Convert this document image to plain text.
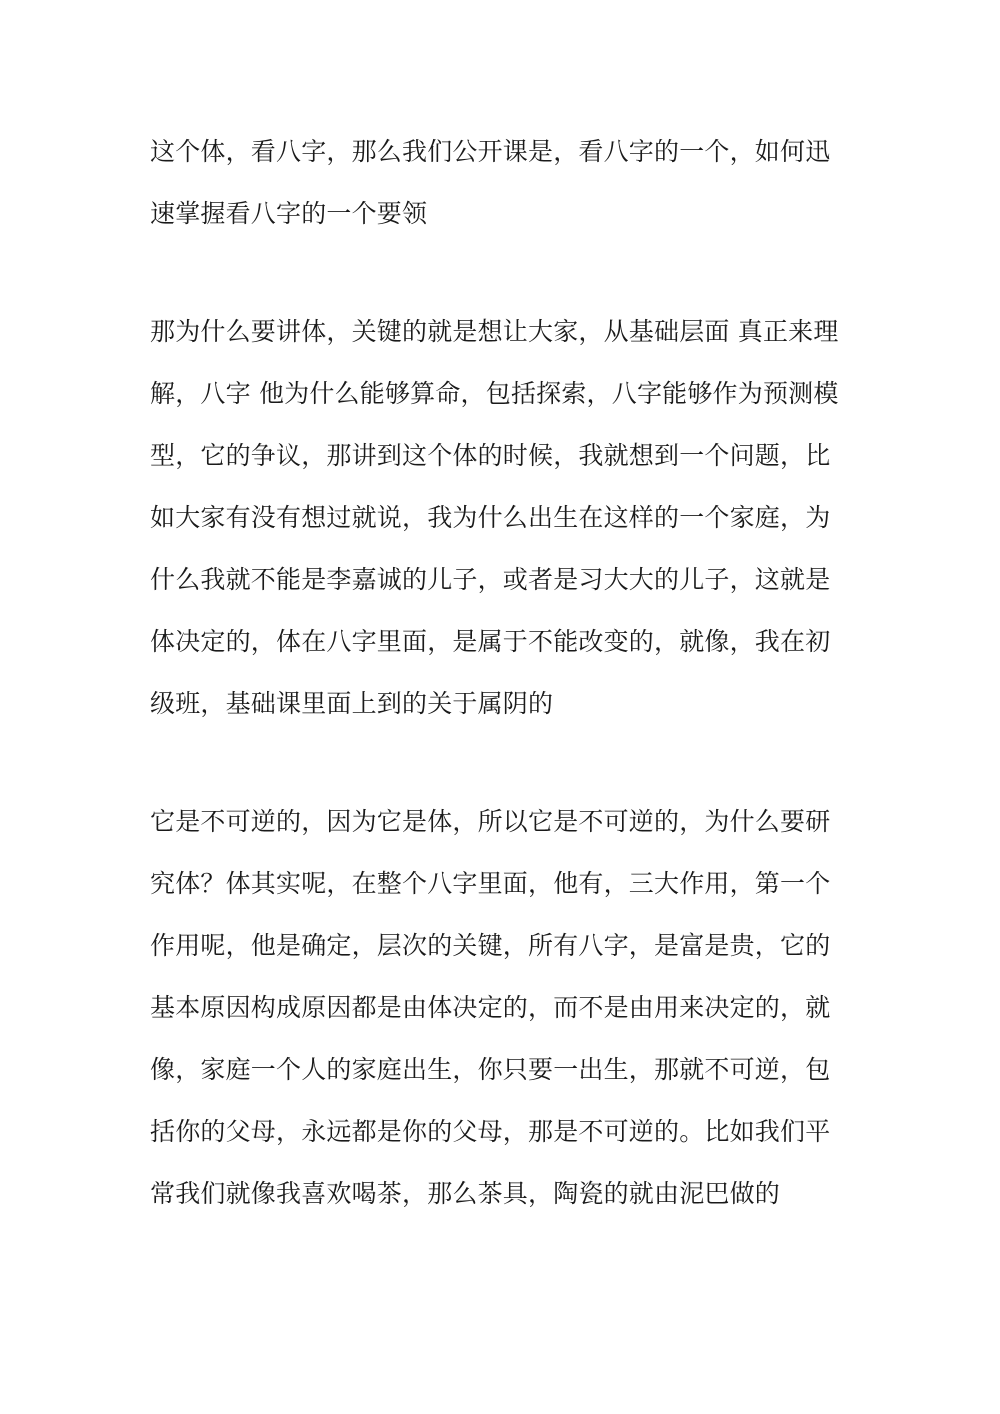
这个体，看八字，那么我们公开课是，看八字的一个，如何迅
速掌握看八字的一个要领
那为什么要讲体，关键的就是想让大家，从基础层面 真正来理
解，八字 他为什么能够算命，包括探索，八字能够作为预测模
型，它的争议，那讲到这个体的时候，我就想到一个问题，比
如大家有没有想过就说，我为什么出生在这样的一个家庭，为
什么我就不能是李嘉诚的儿子，或者是习大大的儿子，这就是
体决定的，体在八字里面，是属于不能改变的，就像，我在初
级班，基础课里面上到的关于属阴的
它是不可逆的，因为它是体，所以它是不可逆的，为什么要研
究体？体其实呢，在整个八字里面，他有，三大作用，第一个
作用呢，他是确定，层次的关键，所有八字，是富是贵，它的
基本原因构成原因都是由体决定的，而不是由用来决定的，就
像，家庭一个人的家庭出生，你只要一出生，那就不可逆，包
括你的父母，永远都是你的父母，那是不可逆的。比如我们平
常我们就像我喜欢喝茶，那么茶具，陶瓷的就由泥巴做的
